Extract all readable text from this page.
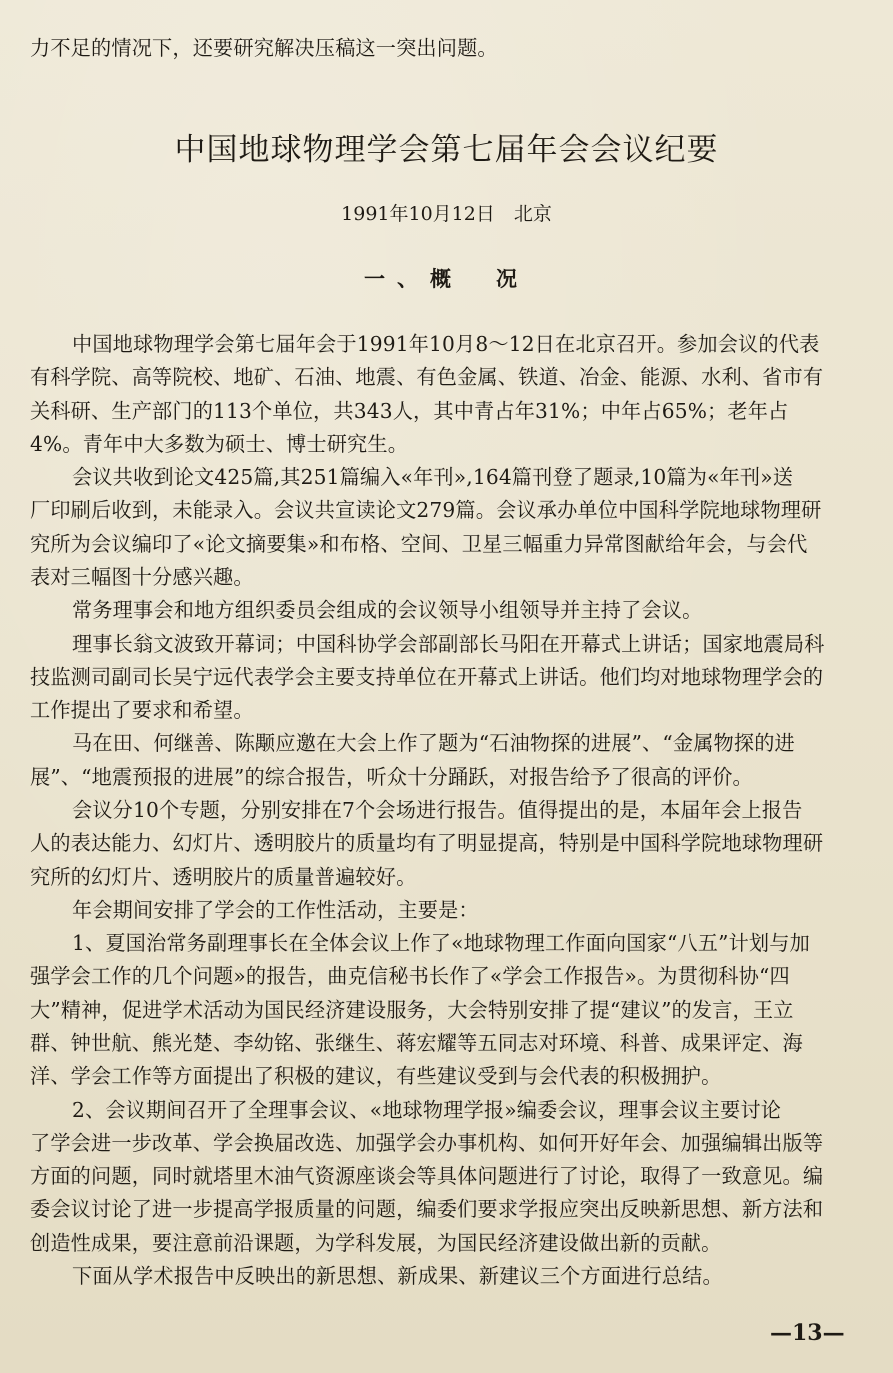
力不足的情况下，还要研究解决压稿这一突出问题。
中国地球物理学会第七届年会会议纪要
1991年10月12日　北京
一、概　况
中国地球物理学会第七届年会于1991年10月8～12日在北京召开。参加会议的代表
有科学院、高等院校、地矿、石油、地震、有色金属、铁道、冶金、能源、水利、省市有
关科研、生产部门的113个单位，共343人，其中青占年31%；中年占65%；老年占
4%。青年中大多数为硕士、博士研究生。
会议共收到论文425篇,其251篇编入«年刊»,164篇刊登了题录,10篇为«年刊»送
厂印刷后收到，未能录入。会议共宣读论文279篇。会议承办单位中国科学院地球物理研
究所为会议编印了«论文摘要集»和布格、空间、卫星三幅重力异常图献给年会，与会代
表对三幅图十分感兴趣。
常务理事会和地方组织委员会组成的会议领导小组领导并主持了会议。
理事长翁文波致开幕词；中国科协学会部副部长马阳在开幕式上讲话；国家地震局科
技监测司副司长吴宁远代表学会主要支持单位在开幕式上讲话。他们均对地球物理学会的
工作提出了要求和希望。
马在田、何继善、陈颙应邀在大会上作了题为“石油物探的进展”、“金属物探的进
展”、“地震预报的进展”的综合报告，听众十分踊跃，对报告给予了很高的评价。
会议分10个专题，分别安排在7个会场进行报告。值得提出的是，本届年会上报告
人的表达能力、幻灯片、透明胶片的质量均有了明显提高，特别是中国科学院地球物理研
究所的幻灯片、透明胶片的质量普遍较好。
年会期间安排了学会的工作性活动，主要是：
1、夏国治常务副理事长在全体会议上作了«地球物理工作面向国家“八五”计划与加
强学会工作的几个问题»的报告，曲克信秘书长作了«学会工作报告»。为贯彻科协“四
大”精神，促进学术活动为国民经济建设服务，大会特别安排了提“建议”的发言，王立
群、钟世航、熊光楚、李幼铭、张继生、蒋宏耀等五同志对环境、科普、成果评定、海
洋、学会工作等方面提出了积极的建议，有些建议受到与会代表的积极拥护。
2、会议期间召开了全理事会议、«地球物理学报»编委会议，理事会议主要讨论
了学会进一步改革、学会换届改选、加强学会办事机构、如何开好年会、加强编辑出版等
方面的问题，同时就塔里木油气资源座谈会等具体问题进行了讨论，取得了一致意见。编
委会议讨论了进一步提高学报质量的问题，编委们要求学报应突出反映新思想、新方法和
创造性成果，要注意前沿课题，为学科发展，为国民经济建设做出新的贡献。
下面从学术报告中反映出的新思想、新成果、新建议三个方面进行总结。
—13—
